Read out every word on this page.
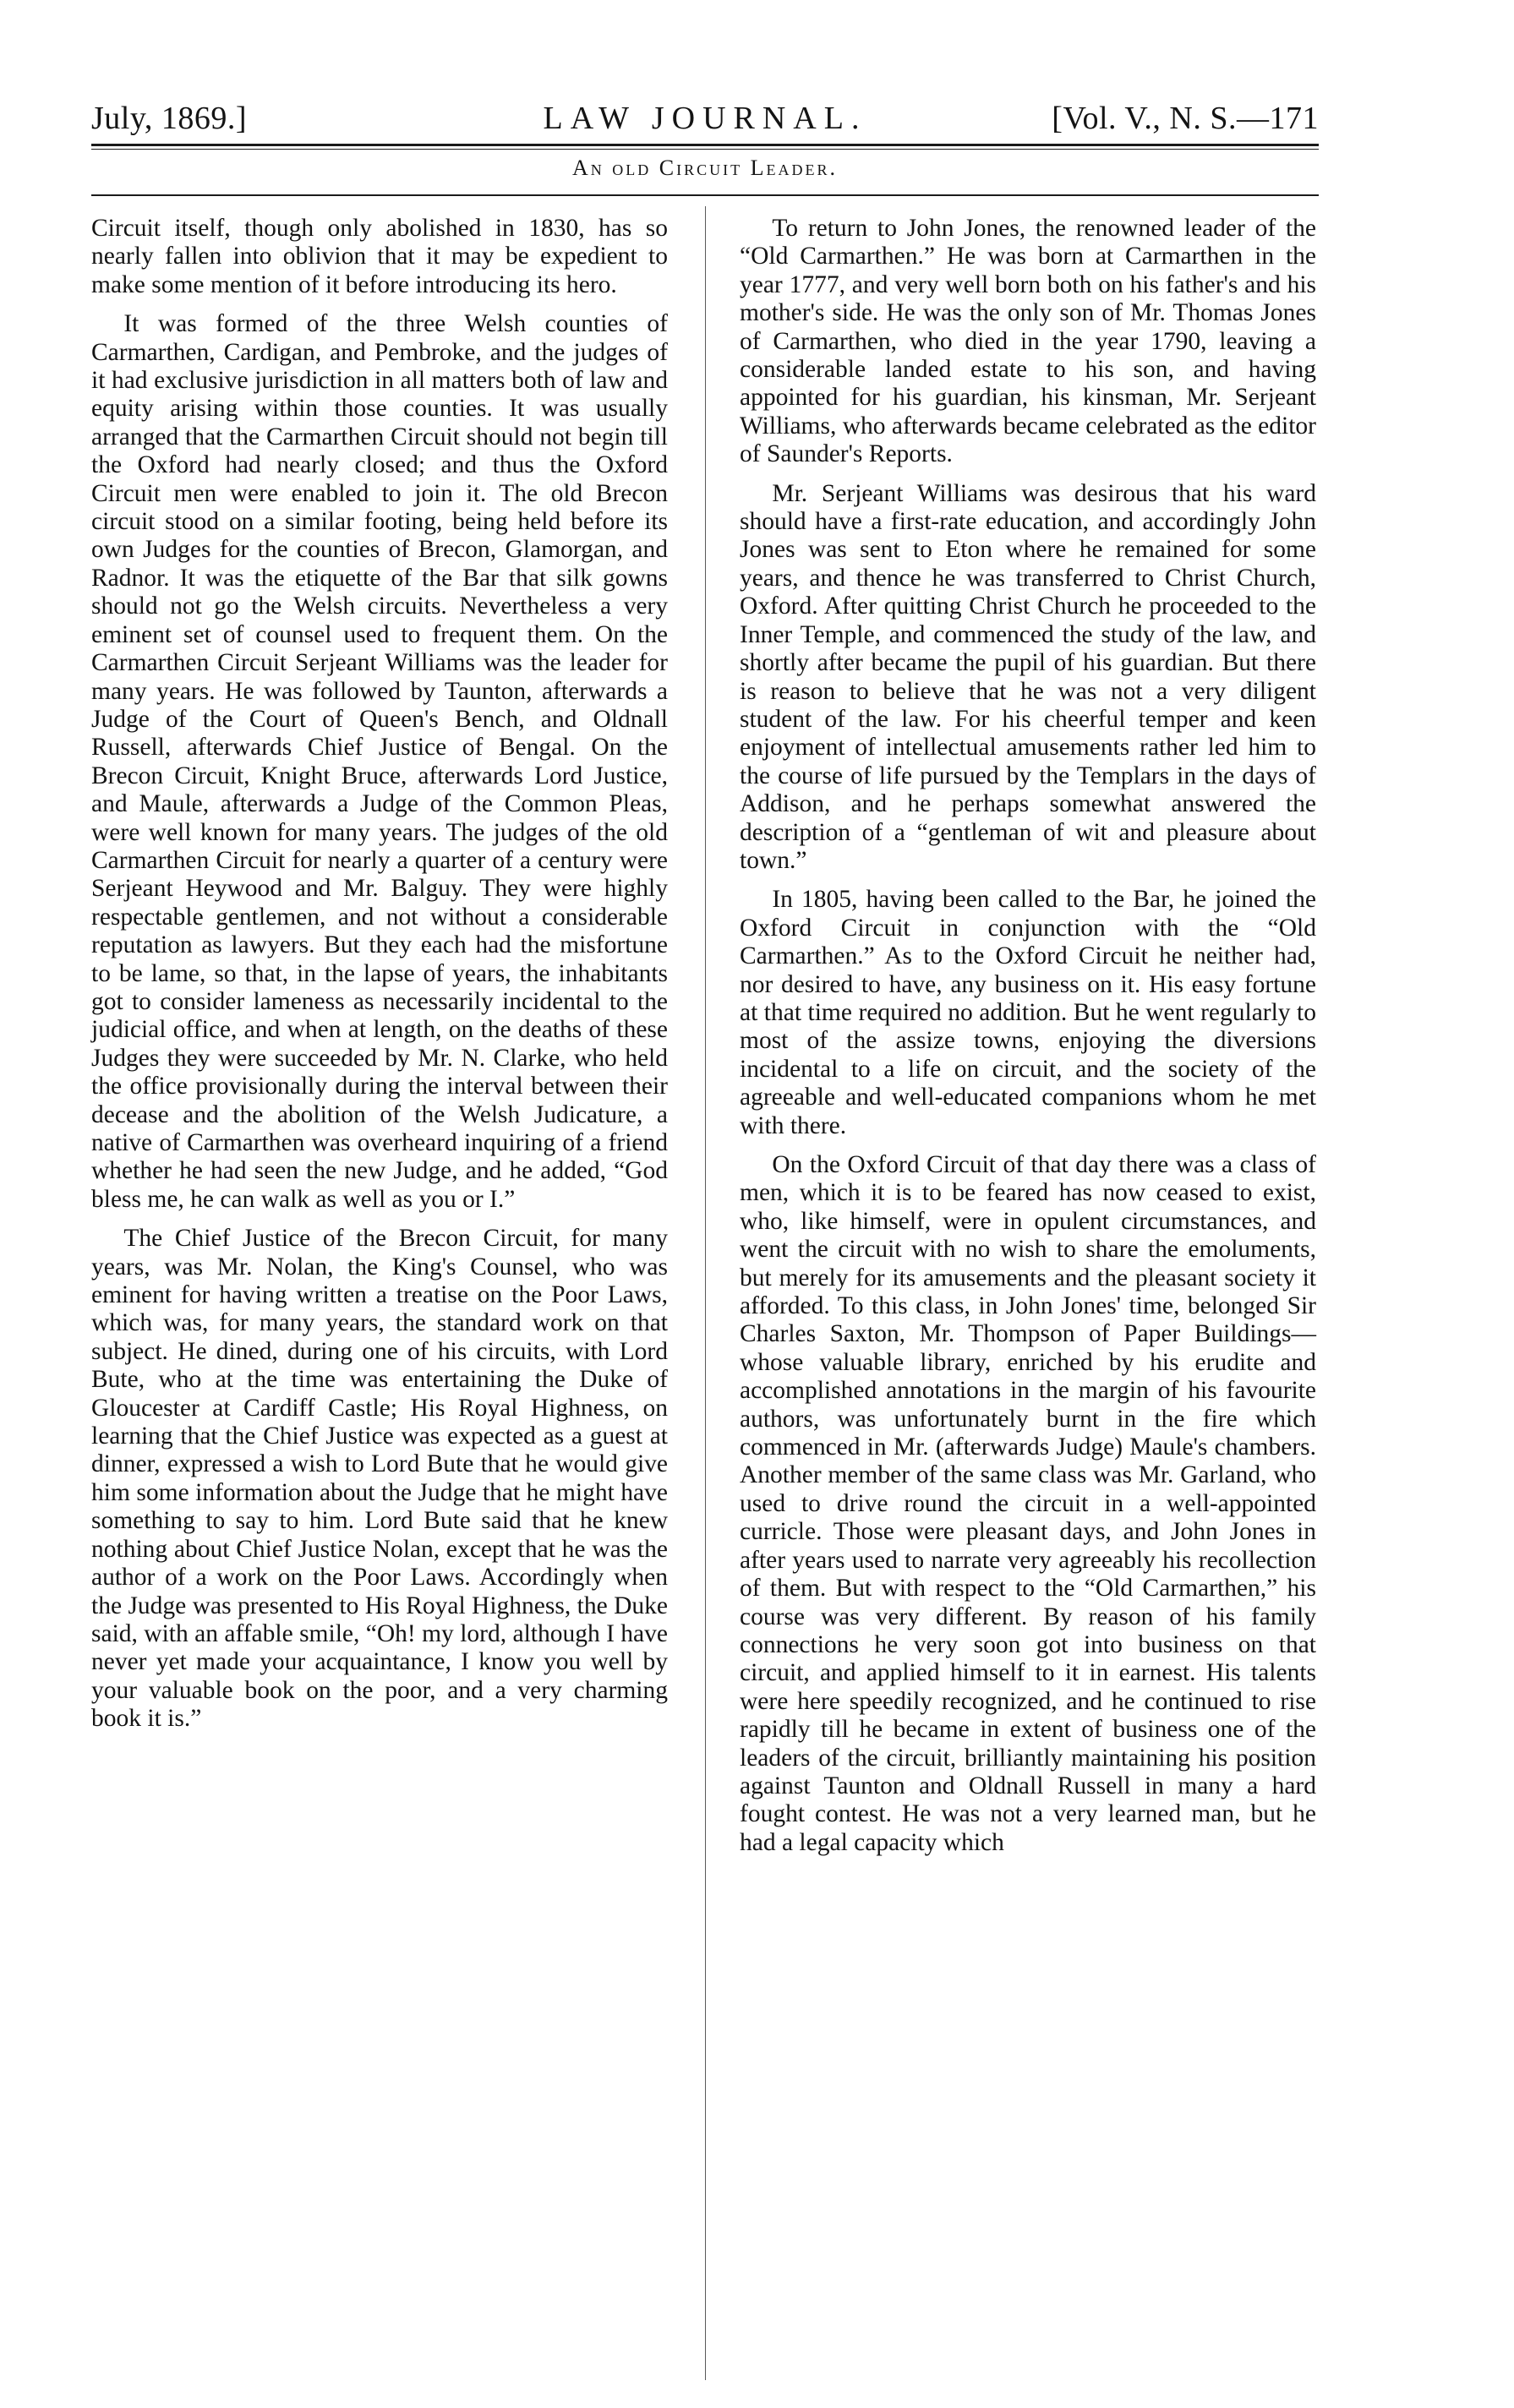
July, 1869.]	LAW JOURNAL.	[Vol. V., N. S.—171
An old Circuit Leader.

Circuit itself, though only abolished in 1830, has so nearly fallen into oblivion that it may be expedient to make some mention of it before introducing its hero.

It was formed of the three Welsh counties of Carmarthen, Cardigan, and Pembroke, and the judges of it had exclusive jurisdiction in all matters both of law and equity arising within those counties. It was usually arranged that the Carmarthen Circuit should not begin till the Oxford had nearly closed; and thus the Oxford Circuit men were enabled to join it. The old Brecon circuit stood on a similar footing, being held before its own Judges for the counties of Brecon, Glamorgan, and Radnor. It was the etiquette of the Bar that silk gowns should not go the Welsh circuits. Nevertheless a very eminent set of counsel used to frequent them. On the Carmarthen Circuit Serjeant Williams was the leader for many years. He was followed by Taunton, afterwards a Judge of the Court of Queen's Bench, and Oldnall Russell, afterwards Chief Justice of Bengal. On the Brecon Circuit, Knight Bruce, afterwards Lord Justice, and Maule, afterwards a Judge of the Common Pleas, were well known for many years. The judges of the old Carmarthen Circuit for nearly a quarter of a century were Serjeant Heywood and Mr. Balguy. They were highly respectable gentlemen, and not without a considerable reputation as lawyers. But they each had the misfortune to be lame, so that, in the lapse of years, the inhabitants got to consider lameness as necessarily incidental to the judicial office, and when at length, on the deaths of these Judges they were succeeded by Mr. N. Clarke, who held the office provisionally during the interval between their decease and the abolition of the Welsh Judicature, a native of Carmarthen was overheard inquiring of a friend whether he had seen the new Judge, and he added, “God bless me, he can walk as well as you or I.”

The Chief Justice of the Brecon Circuit, for many years, was Mr. Nolan, the King's Counsel, who was eminent for having written a treatise on the Poor Laws, which was, for many years, the standard work on that subject. He dined, during one of his circuits, with Lord Bute, who at the time was entertaining the Duke of Gloucester at Cardiff Castle; His Royal Highness, on learning that the Chief Justice was expected as a guest at dinner, expressed a wish to Lord Bute that he would give him some information about the Judge that he might have something to say to him. Lord Bute said that he knew nothing about Chief Justice Nolan, except that he was the author of a work on the Poor Laws. Accordingly when the Judge was presented to His Royal Highness, the Duke said, with an affable smile, “Oh! my lord, although I have never yet made your acquaintance, I know you well by your valuable book on the poor, and a very charming book it is.”

To return to John Jones, the renowned leader of the “Old Carmarthen.” He was born at Carmarthen in the year 1777, and very well born both on his father's and his mother's side. He was the only son of Mr. Thomas Jones of Carmarthen, who died in the year 1790, leaving a considerable landed estate to his son, and having appointed for his guardian, his kinsman, Mr. Serjeant Williams, who afterwards became celebrated as the editor of Saunder's Reports.

Mr. Serjeant Williams was desirous that his ward should have a first-rate education, and accordingly John Jones was sent to Eton where he remained for some years, and thence he was transferred to Christ Church, Oxford. After quitting Christ Church he proceeded to the Inner Temple, and commenced the study of the law, and shortly after became the pupil of his guardian. But there is reason to believe that he was not a very diligent student of the law. For his cheerful temper and keen enjoyment of intellectual amusements rather led him to the course of life pursued by the Templars in the days of Addison, and he perhaps somewhat answered the description of a “gentleman of wit and pleasure about town.”

In 1805, having been called to the Bar, he joined the Oxford Circuit in conjunction with the “Old Carmarthen.” As to the Oxford Circuit he neither had, nor desired to have, any business on it. His easy fortune at that time required no addition. But he went regularly to most of the assize towns, enjoying the diversions incidental to a life on circuit, and the society of the agreeable and well-educated companions whom he met with there.

On the Oxford Circuit of that day there was a class of men, which it is to be feared has now ceased to exist, who, like himself, were in opulent circumstances, and went the circuit with no wish to share the emoluments, but merely for its amusements and the pleasant society it afforded. To this class, in John Jones' time, belonged Sir Charles Saxton, Mr. Thompson of Paper Buildings—whose valuable library, enriched by his erudite and accomplished annotations in the margin of his favourite authors, was unfortunately burnt in the fire which commenced in Mr. (afterwards Judge) Maule's chambers. Another member of the same class was Mr. Garland, who used to drive round the circuit in a well-appointed curricle. Those were pleasant days, and John Jones in after years used to narrate very agreeably his recollection of them. But with respect to the “Old Carmarthen,” his course was very different. By reason of his family connections he very soon got into business on that circuit, and applied himself to it in earnest. His talents were here speedily recognized, and he continued to rise rapidly till he became in extent of business one of the leaders of the circuit, brilliantly maintaining his position against Taunton and Oldnall Russell in many a hard fought contest. He was not a very learned man, but he had a legal capacity which
